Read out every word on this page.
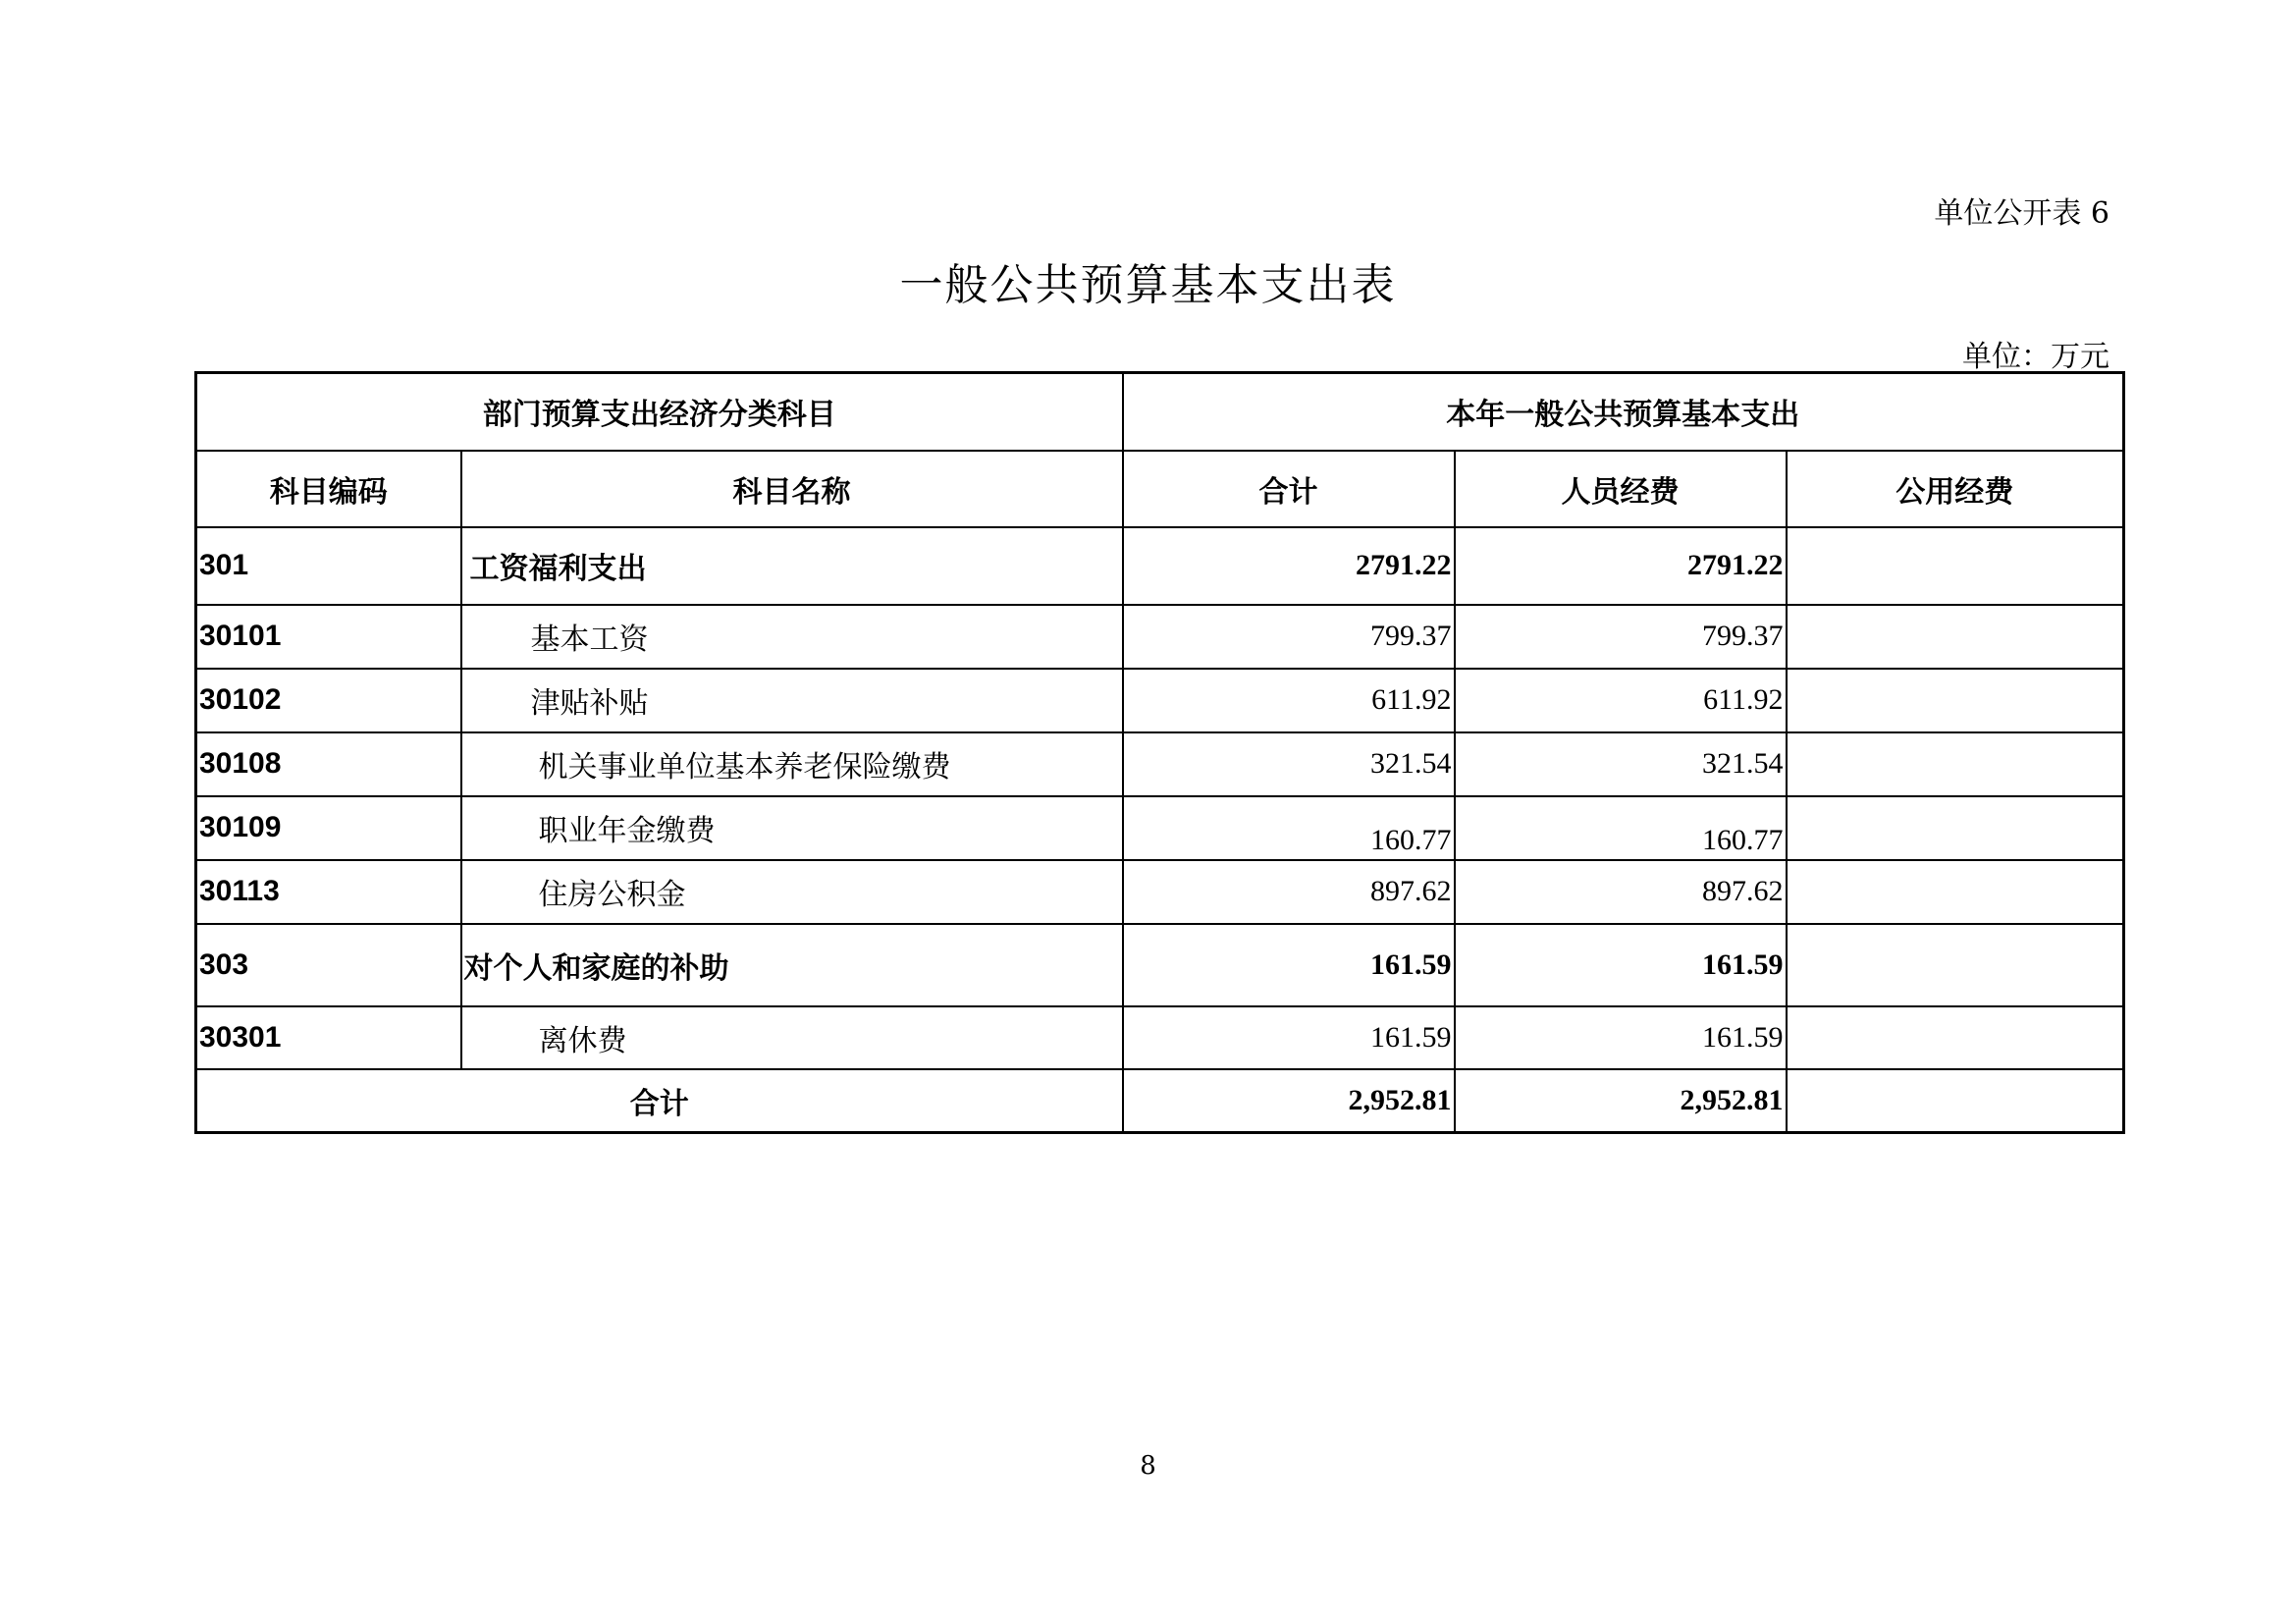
单位公开表 6
一般公共预算基本支出表
单位：万元
部门预算支出经济分类科目		本年一般公共预算基本支出		
科目编码	科目名称	合计	人员经费	公用经费
301	工资福利支出	2791.22	2791.22	
30101	基本工资	799.37	799.37	
30102	津贴补贴	611.92	611.92	
30108	机关事业单位基本养老保险缴费	321.54	321.54	
30109	职业年金缴费	160.77	160.77	
30113	住房公积金	897.62	897.62	
303	对个人和家庭的补助	161.59	161.59	
30301	离休费	161.59	161.59	
合计		2,952.81	2,952.81	
8
